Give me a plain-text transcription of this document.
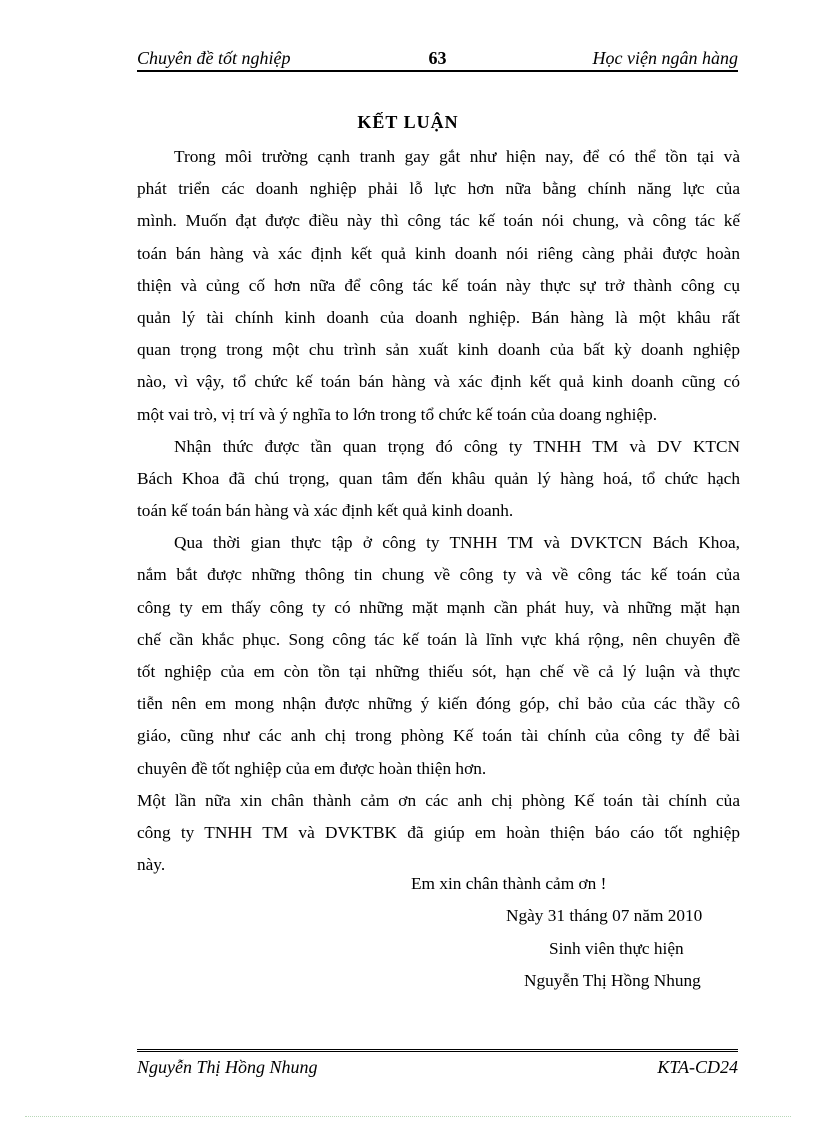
Chuyên đề tốt nghiệp	63	Học viện ngân hàng
KẾT LUẬN
Trong môi trường cạnh tranh gay gắt như hiện nay, để có thể tồn tại và
phát triển các doanh nghiệp phải lỗ lực hơn nữa bằng chính năng lực của
mình. Muốn đạt được điều này thì công tác kế toán nói chung, và công tác kế
toán bán hàng và xác định kết quả kinh doanh nói riêng càng phải được hoàn
thiện và củng cố hơn nữa để công tác kế toán này thực sự trở thành công cụ
quản lý tài chính kinh doanh của doanh nghiệp. Bán hàng là một khâu rất
quan trọng trong một chu trình sản xuất kinh doanh của bất kỳ doanh nghiệp
nào, vì vậy, tổ chức kế toán bán hàng và xác định kết quả kinh doanh cũng có
một vai trò, vị trí và ý nghĩa to lớn trong tổ chức kế toán của doang nghiệp.
Nhận thức được tần quan trọng đó công ty TNHH TM và DV KTCN
Bách Khoa đã chú trọng, quan tâm đến khâu quản lý hàng hoá, tổ chức hạch
toán kế toán bán hàng và xác định kết quả kinh doanh.
Qua thời gian thực tập ở công ty TNHH TM và DVKTCN Bách Khoa,
nắm bắt được những thông tin chung về công ty và về công tác kế toán của
công ty em thấy công ty có những mặt mạnh cần phát huy, và những mặt hạn
chế cần khắc phục. Song công tác kế toán là lĩnh vực khá rộng, nên chuyên đề
tốt nghiệp của em còn tồn tại những thiếu sót, hạn chế về cả lý luận và thực
tiễn nên em mong nhận được những ý kiến đóng góp, chỉ bảo của các thầy cô
giáo, cũng như các anh chị trong phòng Kế toán tài chính của công ty để bài
chuyên đề tốt nghiệp của em được hoàn thiện hơn.
Một lần nữa xin chân thành cảm ơn các anh chị phòng Kế toán tài chính của
công ty TNHH TM và DVKTBK đã giúp em hoàn thiện báo cáo tốt nghiệp
này.
Em xin chân thành cảm ơn !
Ngày 31 tháng 07 năm 2010
Sinh viên thực hiện
Nguyễn Thị Hồng Nhung
Nguyễn Thị Hồng Nhung	KTA-CD24
